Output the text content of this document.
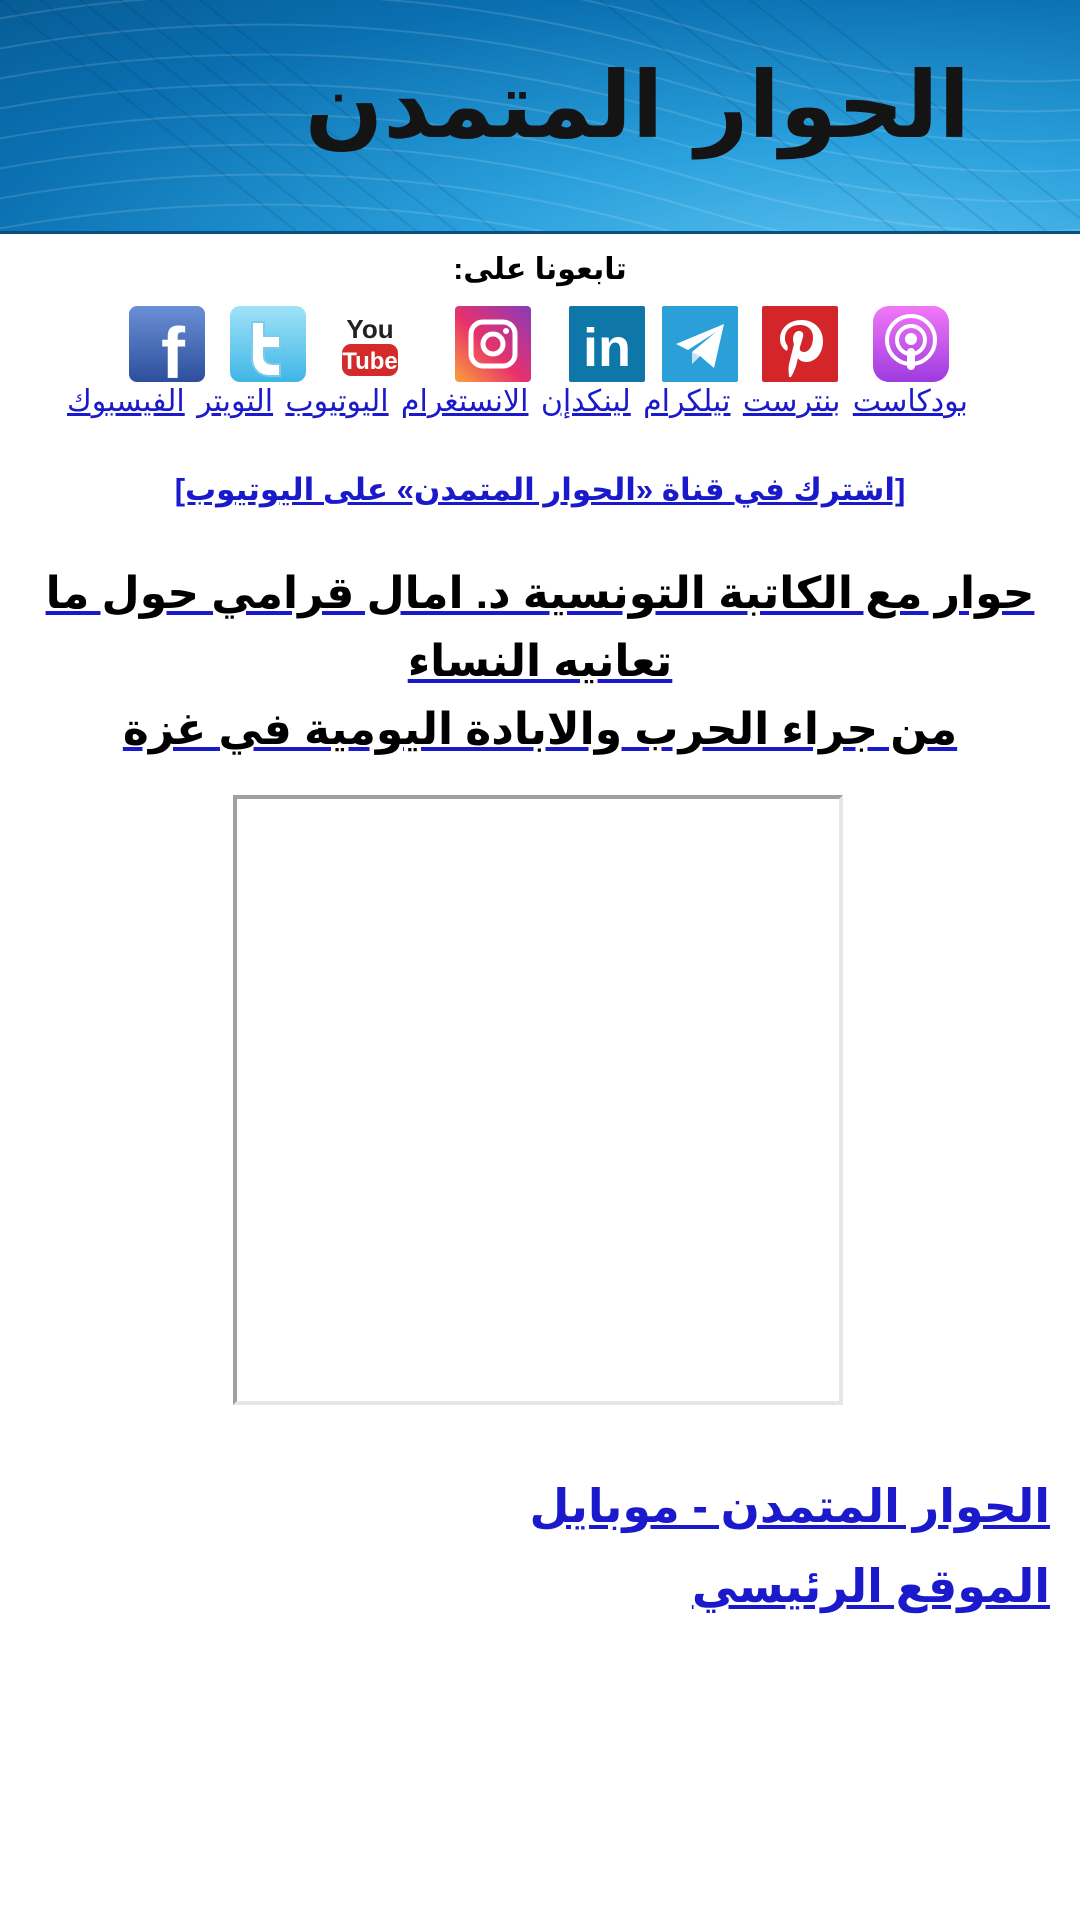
الحوار المتمدن
تابعونا على:
f	You
Tube	in
بودكاست بنترست تيلكرام لينكدإن الانستغرام اليوتيوب التويتر الفيسبوك
[اشترك في قناة «الحوار المتمدن» على اليوتيوب]
حوار مع الكاتبة التونسية د. امال قرامي حول ما تعانيه النساء
من جراء الحرب والابادة اليومية في غزة
الحوار المتمدن - موبايل
الموقع الرئيسي
